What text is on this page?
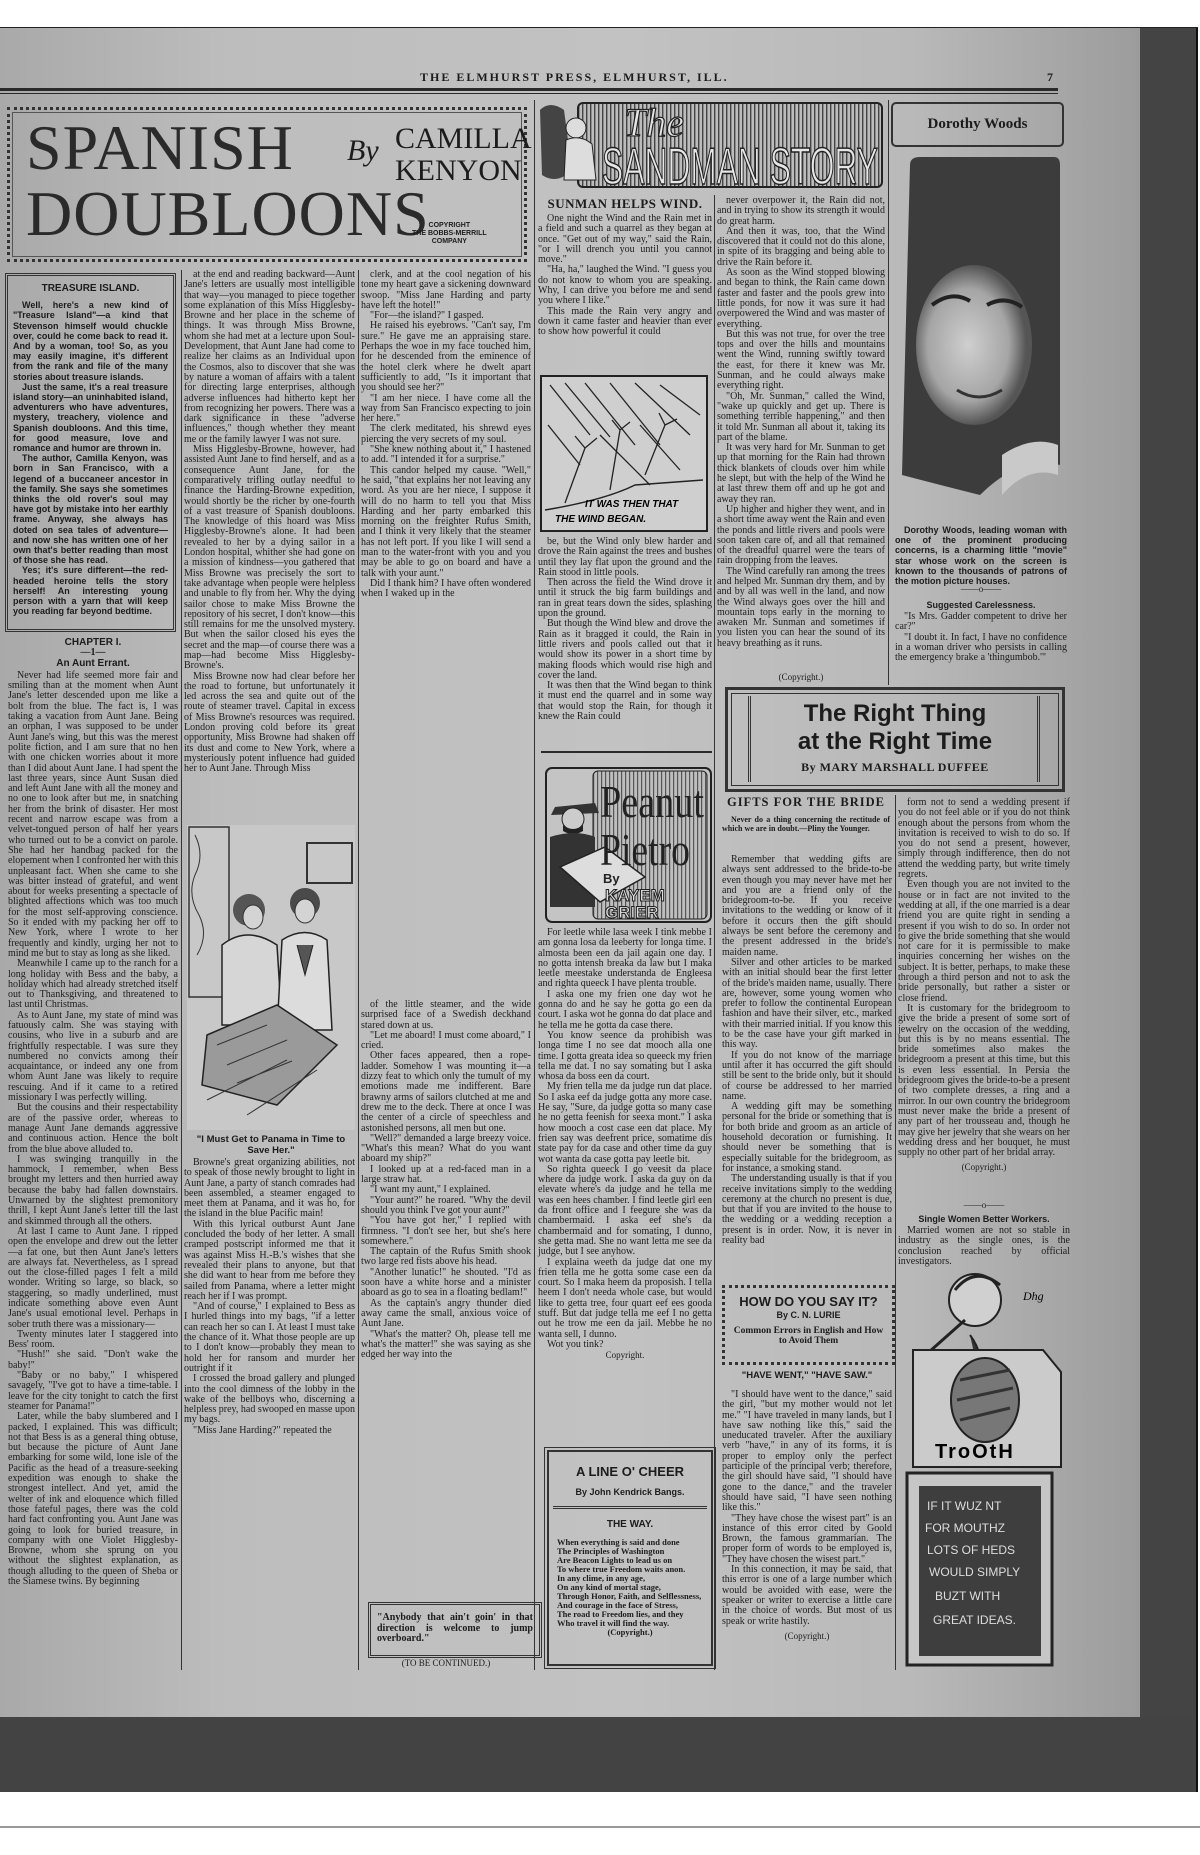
THE ELMHURST PRESS, ELMHURST, ILL.	7
SPANISH
DOUBLOONS
By CAMILLA
KENYON
COPYRIGHT
THE BOBBS-MERRILL
COMPANY
TREASURE ISLAND.

Well, here's a new kind of "Treasure Island"—a kind that Stevenson himself would chuckle over, could he come back to read it. And by a woman, too! So, as you may easily imagine, it's different from the rank and file of the many stories about treasure islands.

Just the same, it's a real treasure island story—an uninhabited island, adventurers who have adventures, mystery, treachery, violence and Spanish doubloons. And this time, for good measure, love and romance and humor are thrown in.

The author, Camilla Kenyon, was born in San Francisco, with a legend of a buccaneer ancestor in the family. She says she sometimes thinks the old rover's soul may have got by mistake into her earthly frame. Anyway, she always has doted on sea tales of adventure—and now she has written one of her own that's better reading than most of those she has read.

Yes; it's sure different—the red-headed heroine tells the story herself! An interesting young person with a yarn that will keep you reading far beyond bedtime.

CHAPTER I.
—1—
An Aunt Errant.

Never had life seemed more fair and smiling than at the moment when Aunt Jane's letter descended upon me like a bolt from the blue. The fact is, I was taking a vacation from Aunt Jane. Being an orphan, I was supposed to be under Aunt Jane's wing, but this was the merest polite fiction, and I am sure that no hen with one chicken worries about it more than I did about Aunt Jane. I had spent the last three years, since Aunt Susan died and left Aunt Jane with all the money and no one to look after but me, in snatching her from the brink of disaster. Her most recent and narrow escape was from a velvet-tongued person of half her years who turned out to be a convict on parole. She had her handbag packed for the elopement when I confronted her with this unpleasant fact. When she came to she was bitter instead of grateful, and went about for weeks presenting a spectacle of blighted affections which was too much for the most self-approving conscience. So it ended with my packing her off to New York, where I wrote to her frequently and kindly, urging her not to mind me but to stay as long as she liked.

Meanwhile I came up to the ranch for a long holiday with Bess and the baby, a holiday which had already stretched itself out to Thanksgiving, and threatened to last until Christmas.

As to Aunt Jane, my state of mind was fatuously calm. She was staying with cousins, who live in a suburb and are frightfully respectable. I was sure they numbered no convicts among their acquaintance, or indeed any one from whom Aunt Jane was likely to require rescuing. And if it came to a retired missionary I was perfectly willing.

But the cousins and their respectability are of the passive order, whereas to manage Aunt Jane demands aggressive and continuous action. Hence the bolt from the blue above alluded to.

I was swinging tranquilly in the hammock, I remember, when Bess brought my letters and then hurried away because the baby had fallen downstairs. Unwarned by the slightest premonitory thrill, I kept Aunt Jane's letter till the last and skimmed through all the others.

At last I came to Aunt Jane. I ripped open the envelope and drew out the letter—a fat one, but then Aunt Jane's letters are always fat. Nevertheless, as I spread out the close-filled pages I felt a mild wonder. Writing so large, so black, so staggering, so madly underlined, must indicate something above even Aunt Jane's usual emotional level. Perhaps in sober truth there was a missionary—

Twenty minutes later I staggered into Bess' room.

"Hush!" she said. "Don't wake the baby!"

"Baby or no baby," I whispered savagely, "I've got to have a time-table. I leave for the city tonight to catch the first steamer for Panama!"

Later, while the baby slumbered and I packed, I explained. This was difficult; not that Bess is as a general thing obtuse, but because the picture of Aunt Jane embarking for some wild, lone isle of the Pacific as the head of a treasure-seeking expedition was enough to shake the strongest intellect. And yet, amid the welter of ink and eloquence which filled those fateful pages, there was the cold hard fact confronting you. Aunt Jane was going to look for buried treasure, in company with one Violet Higglesby-Browne, whom she sprung on you without the slightest explanation, as though alluding to the queen of Sheba or the Siamese twins. By beginning

at the end and reading backward—Aunt Jane's letters are usually most intelligible that way—you managed to piece together some explanation of this Miss Higglesby-Browne and her place in the scheme of things. It was through Miss Browne, whom she had met at a lecture upon Soul-Development, that Aunt Jane had come to realize her claims as an Individual upon the Cosmos, also to discover that she was by nature a woman of affairs with a talent for directing large enterprises, although adverse influences had hitherto kept her from recognizing her powers. There was a dark significance in these "adverse influences," though whether they meant me or the family lawyer I was not sure.

Miss Higglesby-Browne, however, had assisted Aunt Jane to find herself, and as a consequence Aunt Jane, for the comparatively trifling outlay needful to finance the Harding-Browne expedition, would shortly be the richer by one-fourth of a vast treasure of Spanish doubloons. The knowledge of this hoard was Miss Higglesby-Browne's alone. It had been revealed to her by a dying sailor in a London hospital, whither she had gone on a mission of kindness—you gathered that Miss Browne was precisely the sort to take advantage when people were helpless and unable to fly from her. Why the dying sailor chose to make Miss Browne the repository of his secret, I don't know—this still remains for me the unsolved mystery. But when the sailor closed his eyes the secret and the map—of course there was a map—had become Miss Higglesby-Browne's.

Miss Browne now had clear before her the road to fortune, but unfortunately it led across the sea and quite out of the route of steamer travel. Capital in excess of Miss Browne's resources was required. London proving cold before its great opportunity, Miss Browne had shaken off its dust and come to New York, where a mysteriously potent influence had guided her to Aunt Jane. Through Miss

"I Must Get to Panama in Time to Save Her."

Browne's great organizing abilities, not to speak of those newly brought to light in Aunt Jane, a party of stanch comrades had been assembled, a steamer engaged to meet them at Panama, and it was ho, for the island in the blue Pacific main!

With this lyrical outburst Aunt Jane concluded the body of her letter. A small cramped postscript informed me that it was against Miss H.-B.'s wishes that she revealed their plans to anyone, but that she did want to hear from me before they sailed from Panama, where a letter might reach her if I was prompt.

"And of course," I explained to Bess as I hurled things into my bags, "if a letter can reach her so can I. At least I must take the chance of it. What those people are up to I don't know—probably they mean to hold her for ransom and murder her outright if it

I crossed the broad gallery and plunged into the cool dimness of the lobby in the wake of the bellboys who, discerning a helpless prey, had swooped en masse upon my bags.

"Miss Jane Harding?" repeated the

clerk, and at the cool negation of his tone my heart gave a sickening downward swoop. "Miss Jane Harding and party have left the hotel!"

"For—the island?" I gasped.

He raised his eyebrows. "Can't say, I'm sure." He gave me an appraising stare. Perhaps the woe in my face touched him, for he descended from the eminence of the hotel clerk where he dwelt apart sufficiently to add, "Is it important that you should see her?"

"I am her niece. I have come all the way from San Francisco expecting to join her here."

The clerk meditated, his shrewd eyes piercing the very secrets of my soul.

"She knew nothing about it," I hastened to add. "I intended it for a surprise."

This candor helped my cause. "Well," he said, "that explains her not leaving any word. As you are her niece, I suppose it will do no harm to tell you that Miss Harding and her party embarked this morning on the freighter Rufus Smith, and I think it very likely that the steamer has not left port. If you like I will send a man to the water-front with you and you may be able to go on board and have a talk with your aunt."

Did I thank him? I have often wondered when I waked up in the

of the little steamer, and the wide surprised face of a Swedish deckhand stared down at us.

"Let me aboard! I must come aboard," I cried.

Other faces appeared, then a rope-ladder. Somehow I was mounting it—a dizzy feat to which only the tumult of my emotions made me indifferent. Bare brawny arms of sailors clutched at me and drew me to the deck. There at once I was the center of a circle of speechless and astonished persons, all men but one.

"Well?" demanded a large breezy voice. "What's this mean? What do you want aboard my ship?"

I looked up at a red-faced man in a large straw hat.

"I want my aunt," I explained.

"Your aunt?" he roared. "Why the devil should you think I've got your aunt?"

"You have got her," I replied with firmness. "I don't see her, but she's here somewhere."

The captain of the Rufus Smith shook two large red fists above his head.

"Another lunatic!" he shouted. "I'd as soon have a white horse and a minister aboard as go to sea in a floating bedlam!"

As the captain's angry thunder died away came the small, anxious voice of Aunt Jane.

"What's the matter? Oh, please tell me what's the matter!" she was saying as she edged her way into the

"Anybody that ain't goin' in that direction is welcome to jump overboard."
(TO BE CONTINUED.)
The
SANDMAN STORY
SUNMAN HELPS WIND.

One night the Wind and the Rain met in a field and such a quarrel as they began at once. "Get out of my way," said the Rain, "or I will drench you until you cannot move."

"Ha, ha," laughed the Wind. "I guess you do not know to whom you are speaking. Why, I can drive you before me and send you where I like."

This made the Rain very angry and down it came faster and heavier than ever to show how powerful it could

IT WAS THEN THAT
THE WIND BEGAN.

be, but the Wind only blew harder and drove the Rain against the trees and bushes until they lay flat upon the ground and the Rain stood in little pools.

Then across the field the Wind drove it until it struck the big farm buildings and ran in great tears down the sides, splashing upon the ground.

But though the Wind blew and drove the Rain as it bragged it could, the Rain in little rivers and pools called out that it would show its power in a short time by making floods which would rise high and cover the land.

It was then that the Wind began to think it must end the quarrel and in some way that would stop the Rain, for though it knew the Rain could

never overpower it, the Rain did not, and in trying to show its strength it would do great harm.

And then it was, too, that the Wind discovered that it could not do this alone, in spite of its bragging and being able to drive the Rain before it.

As soon as the Wind stopped blowing and began to think, the Rain came down faster and faster and the pools grew into little ponds, for now it was sure it had overpowered the Wind and was master of everything.

But this was not true, for over the tree tops and over the hills and mountains went the Wind, running swiftly toward the east, for there it knew was Mr. Sunman, and he could always make everything right.

"Oh, Mr. Sunman," called the Wind, "wake up quickly and get up. There is something terrible happening," and then it told Mr. Sunman all about it, taking its part of the blame.

It was very hard for Mr. Sunman to get up that morning for the Rain had thrown thick blankets of clouds over him while he slept, but with the help of the Wind he at last threw them off and up he got and away they ran.

Up higher and higher they went, and in a short time away went the Rain and even the ponds and little rivers and pools were soon taken care of, and all that remained of the dreadful quarrel were the tears of rain dropping from the leaves.

The Wind carefully ran among the trees and helped Mr. Sunman dry them, and by and by all was well in the land, and now the Wind always goes over the hill and mountain tops early in the morning to awaken Mr. Sunman and sometimes if you listen you can hear the sound of its heavy breathing as it runs.

(Copyright.)
Peanut
Pietro
By
KAYEM
GRIER

For leetle while lasa week I tink mebbe I am gonna losa da leeberty for longa time. I almosta been een da jail again one day. I no gotta intensh breaka da law but I maka leetle meestake understanda de Engleesa and righta queeck I have plenta trouble.

I aska one my frien one day wot he gonna do and he say he gotta go een da court. I aska wot he gonna do dat place and he tella me he gotta da case there.

You know seence da prohibish was longa time I no see dat mooch alla one time. I gotta greata idea so queeck my frien tella me dat. I no say somating but I aska whosa da boss een da court.

My frien tella me da judge run dat place. So I aska eef da judge gotta any more case. He say, "Sure, da judge gotta so many case he no getta feenish for seexa mont." I aska how mooch a cost case een dat place. My frien say was deefrent price, somatime dis state pay for da case and other time da guy wot wanta da case gotta pay leetle bit.

So righta queeck I go veesit da place where da judge work. I aska da guy on da elevate where's da judge and he tella me was een hees chamber. I find leetle girl een da front office and I feegure she was da chambermaid. I aska eef she's da chambermaid and for somating, I dunno, she getta mad. She no want letta me see da judge, but I see anyhow.

I explaina weeth da judge dat one my frien tella me he gotta some case een da court. So I maka heem da proposish. I tella heem I don't needa whole case, but would like to getta tree, four quart eef ees gooda stuff. But dat judge tella me eef I no getta out he trow me een da jail. Mebbe he no wanta sell, I dunno.

Wot you tink?

Copyright.
A LINE O' CHEER
By John Kendrick Bangs.
THE WAY.
When everything is said and done
The Principles of Washington
Are Beacon Lights to lead us on
To where true Freedom waits anon.
In any clime, in any age,
On any kind of mortal stage,
Through Honor, Faith, and Selflessness,
And courage in the face of Stress,
The road to Freedom lies, and they
Who travel it will find the way.
(Copyright.)
Dorothy Woods

Dorothy Woods, leading woman with one of the prominent producing concerns, is a charming little "movie" star whose work on the screen is known to the thousands of patrons of the motion picture houses.

——o——
Suggested Carelessness.

"Is Mrs. Gadder competent to drive her car?"

"I doubt it. In fact, I have no confidence in a woman driver who persists in calling the emergency brake a 'thingumbob.'"

The Right Thing
at the Right Time
By MARY MARSHALL DUFFEE
GIFTS FOR THE BRIDE

Never do a thing concerning the rectitude of which we are in doubt.—Pliny the Younger.

Remember that wedding gifts are always sent addressed to the bride-to-be even though you may never have met her and you are a friend only of the bridegroom-to-be. If you receive invitations to the wedding or know of it before it occurs then the gift should always be sent before the ceremony and the present addressed in the bride's maiden name.

Silver and other articles to be marked with an initial should bear the first letter of the bride's maiden name, usually. There are, however, some young women who prefer to follow the continental European fashion and have their silver, etc., marked with their married initial. If you know this to be the case have your gift marked in this way.

If you do not know of the marriage until after it has occurred the gift should still be sent to the bride only, but it should of course be addressed to her married name.

A wedding gift may be something personal for the bride or something that is for both bride and groom as an article of household decoration or furnishing. It should never be something that is especially suitable for the bridegroom, as for instance, a smoking stand.

The understanding usually is that if you receive invitations simply to the wedding ceremony at the church no present is due, but that if you are invited to the house to the wedding or a wedding reception a present is in order. Now, it is never in reality bad

form not to send a wedding present if you do not feel able or if you do not think enough about the persons from whom the invitation is received to wish to do so. If you do not send a present, however, simply through indifference, then do not attend the wedding party, but write timely regrets.

Even though you are not invited to the house or in fact are not invited to the wedding at all, if the one married is a dear friend you are quite right in sending a present if you wish to do so. In order not to give the bride something that she would not care for it is permissible to make inquiries concerning her wishes on the subject. It is better, perhaps, to make these through a third person and not to ask the bride personally, but rather a sister or close friend.

It is customary for the bridegroom to give the bride a present of some sort of jewelry on the occasion of the wedding, but this is by no means essential. The bride sometimes also makes the bridegroom a present at this time, but this is even less essential. In Persia the bridegroom gives the bride-to-be a present of two complete dresses, a ring and a mirror. In our own country the bridegroom must never make the bride a present of any part of her trousseau and, though he may give her jewelry that she wears on her wedding dress and her bouquet, he must supply no other part of her bridal array.

(Copyright.)
——o——
Single Women Better Workers.

Married women are not so stable in industry as the single ones, is the conclusion reached by official investigators.

HOW DO YOU SAY IT?
By C. N. LURIE
Common Errors in English and How to Avoid Them
"HAVE WENT," "HAVE SAW."

"I should have went to the dance," said the girl, "but my mother would not let me." "I have traveled in many lands, but I have saw nothing like this," said the uneducated traveler. After the auxiliary verb "have," in any of its forms, it is proper to employ only the perfect participle of the principal verb; therefore, the girl should have said, "I should have gone to the dance," and the traveler should have said, "I have seen nothing like this."

"They have chose the wisest part" is an instance of this error cited by Goold Brown, the famous grammarian. The proper form of words to be employed is, "They have chosen the wisest part."

In this connection, it may be said, that this error is one of a large number which would be avoided with ease, were the speaker or writer to exercise a little care in the choice of words. But most of us speak or write hastily.

(Copyright.)
Dhg
TroOtH
IF IT WUZ NT
FOR MOUTHZ
LOTS OF HEDS
WOULD SIMPLY
BUZT WITH
GREAT IDEAS.
